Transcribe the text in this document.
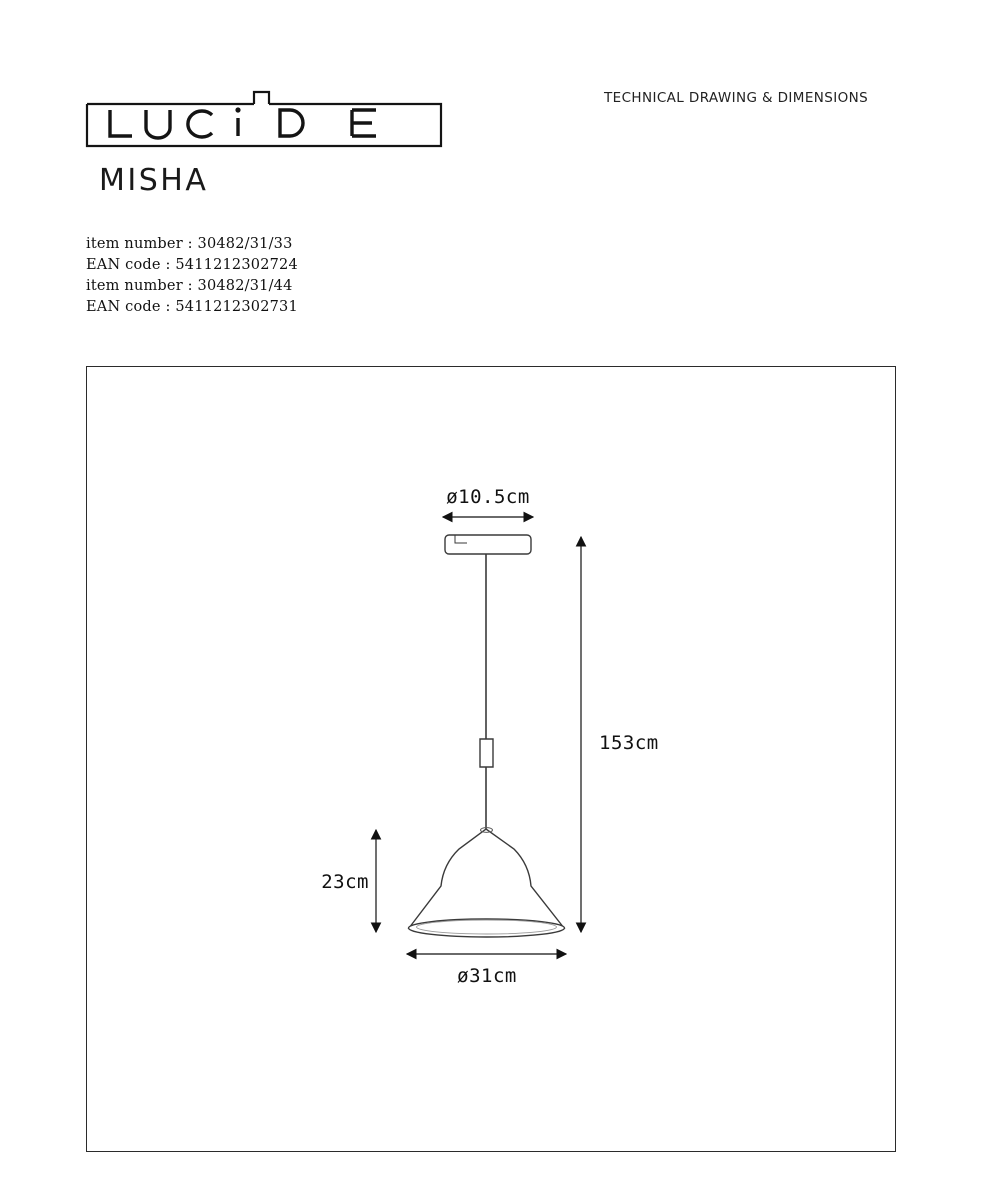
TECHNICAL DRAWING & DIMENSIONS
MISHA
item number : 30482/31/33
EAN code : 5411212302724
item number : 30482/31/44
EAN code : 5411212302731
ø10.5cm
153cm
23cm
ø31cm
